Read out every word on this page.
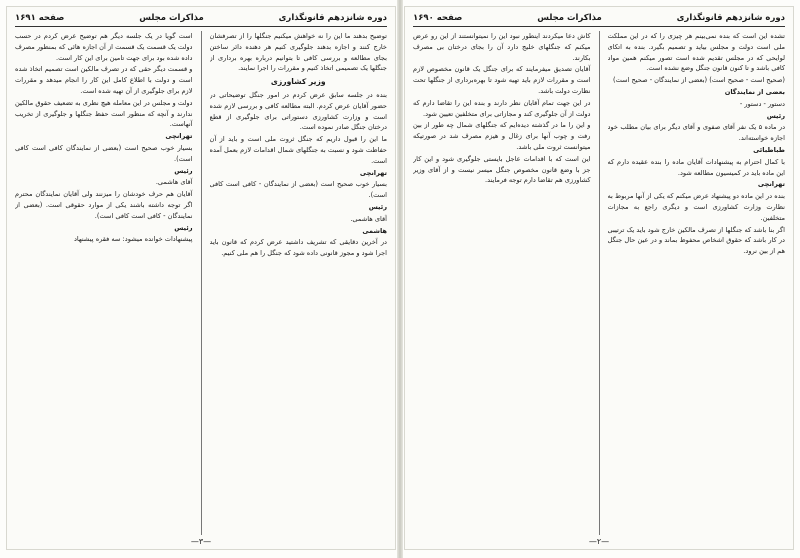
دوره شانزدهم قانونگذاری
مذاکرات مجلس
صفحه ۱۶۹۰

تشده این است که بنده نمی‌بینم هر چیزی را که در این مملکت ملی است دولت و مجلس بیاید و تصمیم بگیرد. بنده به اتکای لوایحی که در مجلس تقدیم شده است تصور میکنم همین مواد کافی باشد و تا کنون قانون جنگل وضع نشده است.

(صحیح است - صحیح است) (بعضی از نمایندگان - صحیح است)

بعضی از نمایندگان

دستور - دستور -

رئیس

در ماده ۵ یک نفر آقای صفوی و آقای دیگر برای بیان مطلب خود اجازه خواسته‌اند.

طباطبائی

با کمال احترام به پیشنهادات آقایان ماده را بنده عقیده دارم که این ماده باید در کمیسیون مطالعه شود.

تهرانچی

بنده در این ماده دو پیشنهاد عرض میکنم که یکی از آنها مربوط به نظارت وزارت کشاورزی است و دیگری راجع به مجازات متخلفین.

اگر بنا باشد که جنگلها از تصرف مالکین خارج شود باید یک ترتیبی در کار باشد که حقوق اشخاص محفوظ بماند و در عین حال جنگل هم از بین نرود.

کاش دعا میکردند اینطور نبود این را نمیتوانستند از این رو عرض میکنم که جنگلهای خلیج دارد آن را بجای درختان بی مصرف بکارند.

آقایان تصدیق میفرمایند که برای جنگل یک قانون مخصوص لازم است و مقررات لازم باید تهیه شود تا بهره‌برداری از جنگلها تحت نظارت دولت باشد.

در این جهت تمام آقایان نظر دارند و بنده این را تقاضا دارم که دولت از آن جلوگیری کند و مجازاتی برای متخلفین تعیین شود.

و این را ما در گذشته دیده‌ایم که جنگلهای شمال چه طور از بین رفت و چوب آنها برای زغال و هیزم مصرف شد در صورتیکه میتوانست ثروت ملی باشد.

این است که با اقدامات عاجل بایستی جلوگیری شود و این کار جز با وضع قانون مخصوص جنگل میسر نیست و از آقای وزیر کشاورزی هم تقاضا دارم توجه فرمایند.

—۲—
دوره شانزدهم قانونگذاری
مذاکرات مجلس
صفحه ۱۶۹۱

توضیح بدهند ما این را نه خواهش میکنیم جنگلها را از تصرفشان خارج کنند و اجازه بدهند جلوگیری کنیم هر دهنده دائر ساختن بجای مطالعه و بررسی کافی تا بتوانیم درباره بهره برداری از جنگلها یک تصمیمی اتخاذ کنیم و مقررات را اجرا نمایند.

وزیر کشاورزی

بنده در جلسه سابق عرض کردم در امور جنگل توضیحاتی در حضور آقایان عرض کردم. البته مطالعه کافی و بررسی لازم شده است و وزارت کشاورزی دستوراتی برای جلوگیری از قطع درختان جنگل صادر نموده است.

ما این را قبول داریم که جنگل ثروت ملی است و باید از آن حفاظت شود و نسبت به جنگلهای شمال اقدامات لازم بعمل آمده است.

تهرانچی

بسیار خوب صحیح است (بعضی از نمایندگان - کافی است کافی است).

رئیس

آقای هاشمی.

هاشمی

در آخرین دقایقی که تشریف داشتید عرض کردم که قانون باید اجرا شود و مجوز قانونی داده شود که جنگل را هم ملی کنیم.

است گویا در یک جلسه دیگر هم توضیح عرض کردم در حسب دولت یک قسمت یک قسمت از آن اجازه هائی که بمنظور مصرف داده شده بود برای جهت تامین برای این کار است.

و قسمت دیگر حقی که در تصرف مالکین است تصمیم اتخاذ شده است و دولت با اطلاع کامل این کار را انجام میدهد و مقررات لازم برای جلوگیری از آن تهیه شده است.

دولت و مجلس در این معامله هیچ نظری به تضعیف حقوق مالکین ندارند و آنچه که منظور است حفظ جنگلها و جلوگیری از تخریب آنهاست.

تهرانچی

بسیار خوب صحیح است (بعضی از نمایندگان کافی است کافی است).

رئیس

آقای هاشمی.

آقایان هم حرف خودشان را میزنند ولی آقایان نمایندگان محترم اگر توجه داشته باشند یکی از موارد حقوقی است. (بعضی از نمایندگان - کافی است کافی است).

رئیس

پیشنهادات خوانده میشود: سه فقره پیشنهاد

—۳—
